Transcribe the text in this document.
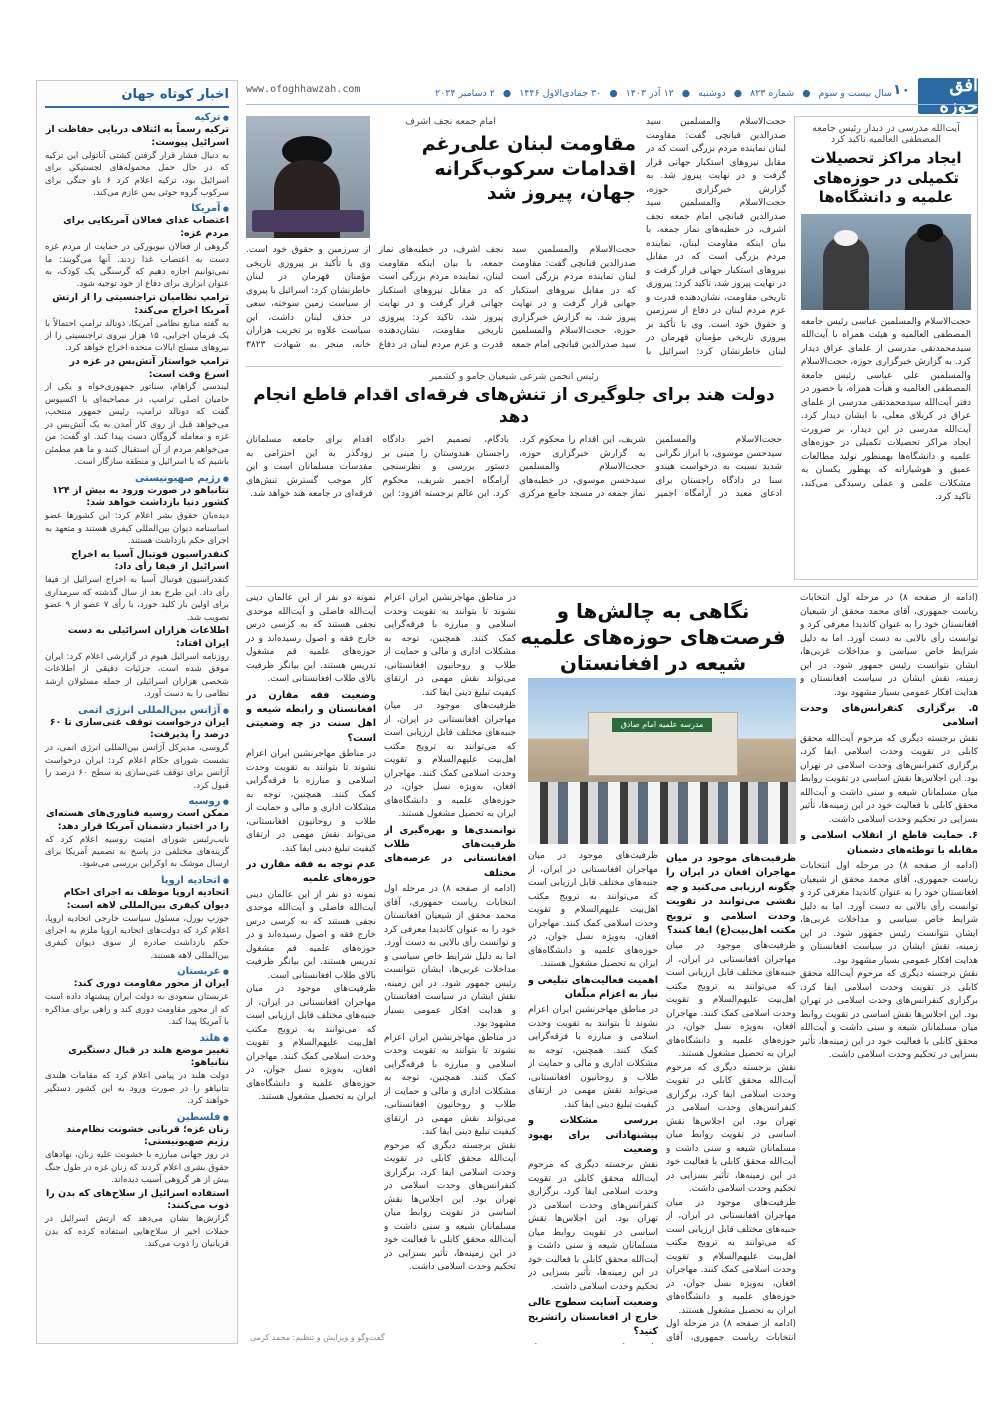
افق حوزه
۱۰
سال بیست و سوم
●
شماره ۸۲۳
●
دوشنبه
●
۱۲ آذر ۱۴۰۳
●
۳۰ جمادی‌الاول ۱۴۴۶
●
۲ دسامبر ۲۰۲۴
www.ofoghhawzah.com
اخبار کوتاه جهان
● ترکیه
ترکیه رسماً به ائتلاف دریایی حفاظت از اسرائیل پیوست:
به دنبال فشار قرار گرفتن کشتی آناتولی این ترکیه که در حال حمل محموله‌های لجستیکی برای اسرائیل بود، ترکیه اعلام کرد ۶ ناو جنگی برای سرکوب گروه حوثی یمن عازم می‌کند.
● آمریکا
اعتصاب غذای فعالان آمریکایی برای مردم غزه:
گروهی از فعالان نیویورکی در حمایت از مردم غزه دست به اعتصاب غذا زدند. آنها می‌گویند: ما نمی‌توانیم اجازه دهیم که گرسنگی یک کودک، به عنوان ابزاری برای دفاع از خود توجیه شود.
ترامپ نظامیان تراجنسیتی را از ارتش آمریکا اخراج می‌کند:
به گفته منابع نظامی آمریکا، دونالد ترامپ احتمالاً با یک فرمان اجرایی، ۱۵ هزار نیروی تراجنسیتی را از نیروهای مسلح ایالات متحده اخراج خواهد کرد.
ترامپ خواستار آتش‌بس در غزه در اسرع وقت است:
لیندسی گراهام، سناتور جمهوری‌خواه و یکی از حامیان اصلی ترامپ، در مصاحبه‌ای با اکسیوس گفت که دونالد ترامپ، رئیس جمهور منتخب، می‌خواهد قبل از روی کار آمدن به یک آتش‌بس در غزه و معامله گروگان دست پیدا کند. او گفت: من می‌خواهم مردم از آن استقبال کنند و ما هم مطمئن باشیم که با اسرائیل و منطقه سازگار است.
● رژیم صهیونیستی
نتانیاهو در صورت ورود به بیش از ۱۲۴ کشور دنیا بازداشت خواهد شد:
دیده‌بان حقوق بشر اعلام کرد: این کشورها عضو اساسنامه دیوان بین‌المللی کیفری هستند و متعهد به اجرای حکم بازداشت هستند.
کنفدراسیون فوتبال آسیا به اخراج اسرائیل از فیفا رأی داد:
کنفدراسیون فوتبال آسیا به اخراج اسرائیل از فیفا رأی داد. این طرح بعد از سال گذشته که سرمداری برای اولین بار کلید خورد، با رأی ۷ عضو از ۹ عضو تصویب شد.
اطلاعات هزاران اسرائیلی به دست ایران افتاد:
روزنامه اسرائیل هیوم در گزارشی اعلام کرد: ایران موفق شده است، جزئیات دقیقی از اطلاعات شخصی هزاران اسرائیلی از جمله مسئولان ارشد نظامی را به دست آورد.
● آژانس بین‌المللی انرژی اتمی
ایران درخواست توقف غنی‌سازی تا ۶۰ درصد را پذیرفت:
گروسی، مدیرکل آژانس بین‌المللی انرژی اتمی، در نشست شورای حکام اعلام کرد: ایران درخواست آژانس برای توقف غنی‌سازی به سطح ۶۰ درصد را قبول کرد.
● روسیه
ممکن است روسیه فناوری‌های هسته‌ای را در اختیار دشمنان آمریکا قرار دهد:
نایب‌رئیس شورای امنیت روسیه اعلام کرد که گزینه‌های مختلفی در پاسخ به تصمیم آمریکا برای ارسال موشک به اوکراین بررسی می‌شود.
● اتحادیه اروپا
اتحادیه اروپا موظف به اجرای احکام دیوان کیفری بین‌المللی لاهه است:
جوزپ بورل، مسئول سیاست خارجی اتحادیه اروپا، اعلام کرد که دولت‌های اتحادیه اروپا ملزم به اجرای حکم بازداشت صادره از سوی دیوان کیفری بین‌المللی لاهه هستند.
● عربستان
ایران از محور مقاومت دوری کند:
عربستان سعودی به دولت ایران پیشنهاد داده است که از محور مقاومت دوری کند و راهی برای مذاکره با آمریکا پیدا کند.
● هلند
تغییر موضع هلند در قبال دستگیری نتانیاهو:
دولت هلند در پیامی اعلام کرد که مقامات هلندی نتانیاهو را در صورت ورود به این کشور دستگیر خواهند کرد.
● فلسطین
زنان غزه؛ قربانی خشونت نظام‌مند رژیم صهیونیستی:
در روز جهانی مبارزه با خشونت علیه زنان، نهادهای حقوق بشری اعلام کردند که زنان غزه در طول جنگ بیش از هر گروهی آسیب دیده‌اند.
استفاده اسرائیل از سلاح‌های که بدن را ذوب می‌کنند:
گزارش‌ها نشان می‌دهد که ارتش اسرائیل در حملات اخیر از سلاح‌هایی استفاده کرده که بدن قربانیان را ذوب می‌کند.
آیت‌الله مدرسی در دیدار رئیس جامعه المصطفی العالمیه تاکید کرد
ایجاد مراکز تحصیلات تکمیلی در حوزه‌های علمیه و دانشگاه‌ها
حجت‌الاسلام والمسلمین عباسی رئیس جامعه المصطفی العالمیه و هیئت همراه با آیت‌الله سیدمحمدتقی مدرسی از علمای عراق دیدار کرد. به گزارش خبرگزاری حوزه، حجت‌الاسلام والمسلمین علی عباسی رئیس جامعة المصطفی العالمیه و هیأت همراه، با حضور در دفتر آیت‌الله سیدمحمدتقی مدرسی از علمای عراق در کربلای معلی، با ایشان دیدار کرد. آیت‌الله مدرسی در این دیدار، بر ضرورت ایجاد مراکز تحصیلات تکمیلی در حوزه‌های علمیه و دانشگاه‌ها بهمنظور تولید مطالعات عمیق و هوشیارانه که بهطور یکسان به مشکلات علمی و عملی رسیدگی می‌کند، تاکید کرد.
امام جمعه نجف اشرف
مقاومت لبنان علی‌رغم اقدامات سرکوب‌گرانه جهان، پیروز شد
حجت‌الاسلام والمسلمین سید صدرالدین قبانچی گفت: مقاومت لبنان نماینده مردم بزرگی است که در مقابل نیروهای استکبار جهانی قرار گرفت و در نهایت پیروز شد. به گزارش خبرگزاری حوزه، حجت‌الاسلام والمسلمین سید صدرالدین قبانچی امام جمعه نجف اشرف، در خطبه‌های نماز جمعه، با بیان اینکه مقاومت لبنان، نماینده مردم بزرگی است که در مقابل نیروهای استکبار جهانی قرار گرفت و در نهایت پیروز شد، تاکید کرد: پیروزی تاریخی مقاومت، نشان‌دهنده قدرت و عزم مردم لبنان در دفاع از سرزمین و حقوق خود است. وی با تأکید بر پیروزی تاریخی مؤمنان قهرمان در لبنان خاطرنشان کرد: اسرائیل با
حجت‌الاسلام والمسلمین سید صدرالدین قبانچی گفت: مقاومت لبنان نماینده مردم بزرگی است که در مقابل نیروهای استکبار جهانی قرار گرفت و در نهایت پیروز شد. به گزارش خبرگزاری حوزه، حجت‌الاسلام والمسلمین سید صدرالدین قبانچی امام جمعه نجف اشرف، در خطبه‌های نماز جمعه، با بیان اینکه مقاومت لبنان، نماینده مردم بزرگی است که در مقابل نیروهای استکبار جهانی قرار گرفت و در نهایت پیروز شد، تاکید کرد: پیروزی تاریخی مقاومت، نشان‌دهنده قدرت و عزم مردم لبنان در دفاع از سرزمین و حقوق خود است. وی با تأکید بر پیروزی تاریخی مؤمنان قهرمان در لبنان خاطرنشان کرد: اسرائیل با پیروی از سیاست زمین سوخته، سعی در حذف لبنان داشت، این سیاست علاوه بر تخریب هزاران خانه، منجر به شهادت ۳۸۲۳
رئیس انجمن شرعی شیعیان جامو و کشمیر
دولت هند برای جلوگیری از تنش‌های فرقه‌ای اقدام قاطع انجام دهد
حجت‌الاسلام والمسلمین سیدحسن موسوی، با ابراز نگرانی شدید نسبت به درخواست هیندو سنا در دادگاه راجستان برای ادعای معبد در آرامگاه اجمیر شریف، این اقدام را محکوم کرد. به گزارش خبرگزاری حوزه، حجت‌الاسلام والمسلمین سیدحسن موسوی، در خطبه‌های نماز جمعه در مسجد جامع مرکزی بادگام، تصمیم اخیر دادگاه راجستان هندوستان را مبنی بر دستور بررسی و نظرسنجی آرامگاه اجمیر شریف، محکوم کرد. این عالم برجسته افزود: این اقدام برای جامعه مسلمانان زودگذر به این‌ احترامی به مقدسات مسلمانان است و این کار موجب گسترش تنش‌های فرقه‌ای در جامعه هند خواهد شد.

(ادامه از صفحه ۸) در مرحله اول انتخابات ریاست جمهوری، آقای محمد محقق از شیعیان افغانستان خود را به عنوان کاندیدا معرفی کرد و توانست رأی بالایی به دست آورد. اما به دلیل شرایط خاص سیاسی و مداخلات غربی‌ها، ایشان نتوانست رئیس جمهور شود. در این زمینه، نقش ایشان در سیاست افغانستان و هدایت افکار عمومی بسیار مشهود بود.

۵. برگزاری کنفرانس‌های وحدت اسلامی

نقش برجسته دیگری که مرحوم آیت‌الله محقق کابلی در تقویت وحدت اسلامی ایفا کرد، برگزاری کنفرانس‌های وحدت اسلامی در تهران بود. این اجلاس‌ها نقش اساسی در تقویت روابط میان مسلمانان شیعه و سنی داشت و آیت‌الله محقق کابلی با فعالیت خود در این زمینه‌ها، تأثیر بسزایی در تحکیم وحدت اسلامی داشت.

۶. حمایت قاطع از انقلاب اسلامی و مقابله با توطئه‌های دشمنان

(ادامه از صفحه ۸) در مرحله اول انتخابات ریاست جمهوری، آقای محمد محقق از شیعیان افغانستان خود را به عنوان کاندیدا معرفی کرد و توانست رأی بالایی به دست آورد. اما به دلیل شرایط خاص سیاسی و مداخلات غربی‌ها، ایشان نتوانست رئیس جمهور شود. در این زمینه، نقش ایشان در سیاست افغانستان و هدایت افکار عمومی بسیار مشهود بود.

نقش برجسته دیگری که مرحوم آیت‌الله محقق کابلی در تقویت وحدت اسلامی ایفا کرد، برگزاری کنفرانس‌های وحدت اسلامی در تهران بود. این اجلاس‌ها نقش اساسی در تقویت روابط میان مسلمانان شیعه و سنی داشت و آیت‌الله محقق کابلی با فعالیت خود در این زمینه‌ها، تأثیر بسزایی در تحکیم وحدت اسلامی داشت.

نگاهی به چالش‌ها و فرصت‌های حوزه‌های علمیه شیعه در افغانستان
مدرسه علمیه امام صادق

ظرفیت‌های موجود در میان مهاجران افغان در ایران را چگونه ارزیابی می‌کنید و چه نقشی می‌توانند در تقویت وحدت اسلامی و ترویج مکتب اهل‌بیت(ع) ایفا کنند؟

ظرفیت‌های موجود در میان مهاجران افغانستانی در ایران، از جنبه‌های مختلف قابل ارزیابی است که می‌توانند به ترویج مکتب اهل‌بیت علیهم‌السلام و تقویت وحدت اسلامی کمک کنند. مهاجران افغان، به‌ویژه نسل جوان، در حوزه‌های علمیه و دانشگاه‌های ایران به تحصیل مشغول هستند.

نقش برجسته دیگری که مرحوم آیت‌الله محقق کابلی در تقویت وحدت اسلامی ایفا کرد، برگزاری کنفرانس‌های وحدت اسلامی در تهران بود. این اجلاس‌ها نقش اساسی در تقویت روابط میان مسلمانان شیعه و سنی داشت و آیت‌الله محقق کابلی با فعالیت خود در این زمینه‌ها، تأثیر بسزایی در تحکیم وحدت اسلامی داشت.

ظرفیت‌های موجود در میان مهاجران افغانستانی در ایران، از جنبه‌های مختلف قابل ارزیابی است که می‌توانند به ترویج مکتب اهل‌بیت علیهم‌السلام و تقویت وحدت اسلامی کمک کنند. مهاجران افغان، به‌ویژه نسل جوان، در حوزه‌های علمیه و دانشگاه‌های ایران به تحصیل مشغول هستند.

(ادامه از صفحه ۸) در مرحله اول انتخابات ریاست جمهوری، آقای

ظرفیت‌های موجود در میان مهاجران افغانستانی در ایران، از جنبه‌های مختلف قابل ارزیابی است که می‌توانند به ترویج مکتب اهل‌بیت علیهم‌السلام و تقویت وحدت اسلامی کمک کنند. مهاجران افغان، به‌ویژه نسل جوان، در حوزه‌های علمیه و دانشگاه‌های ایران به تحصیل مشغول هستند.

اهمیت فعالیت‌های تبلیغی و نیاز به اعزام مبلّغان

در مناطق مهاجرنشین ایران اعزام نشوند تا بتوانند به تقویت وحدت اسلامی و مبارزه با فرقه‌گرایی کمک کنند. همچنین، توجه به مشکلات اداری و مالی و حمایت از طلاب و روحانیون افغانستانی، می‌تواند نقش مهمی در ارتقای کیفیت تبلیغ دینی ایفا کند.

بررسی مشکلات و پیشنهاداتی برای بهبود وضعیت

نقش برجسته دیگری که مرحوم آیت‌الله محقق کابلی در تقویت وحدت اسلامی ایفا کرد، برگزاری کنفرانس‌های وحدت اسلامی در تهران بود. این اجلاس‌ها نقش اساسی در تقویت روابط میان مسلمانان شیعه و سنی داشت و آیت‌الله محقق کابلی با فعالیت خود در این زمینه‌ها، تأثیر بسزایی در تحکیم وحدت اسلامی داشت.

وضعیت آسایت سطوح عالی خارج از افغانستان راتشریح کنید؟

در مناطق مهاجرنشین ایران اعزام نشوند تا بتوانند به تقویت وحدت اسلامی و مبارزه با فرقه‌گرایی کمک کنند. همچنین، توجه به مشکلات اداری و مالی و حمایت از طلاب و روحانیون افغانستانی، می‌تواند نقش مهمی در ارتقای کیفیت تبلیغ دینی ایفا کند.

ظرفیت‌های موجود در میان مهاجران افغانستانی در ایران، از جنبه‌های مختلف قابل ارزیابی است که می‌توانند به ترویج مکتب اهل‌بیت علیهم‌السلام و تقویت وحدت اسلامی کمک کنند. مهاجران افغان، به‌ویژه نسل جوان، در حوزه‌های علمیه و دانشگاه‌های ایران به تحصیل مشغول هستند.

توانمندی‌ها و بهره‌گیری از ظرفیت‌های طلاب افغانستانی در عرصه‌های مختلف

(ادامه از صفحه ۸) در مرحله اول انتخابات ریاست جمهوری، آقای محمد محقق از شیعیان افغانستان خود را به عنوان کاندیدا معرفی کرد و توانست رأی بالایی به دست آورد. اما به دلیل شرایط خاص سیاسی و مداخلات غربی‌ها، ایشان نتوانست رئیس جمهور شود. در این زمینه، نقش ایشان در سیاست افغانستان و هدایت افکار عمومی بسیار مشهود بود.

در مناطق مهاجرنشین ایران اعزام نشوند تا بتوانند به تقویت وحدت اسلامی و مبارزه با فرقه‌گرایی کمک کنند. همچنین، توجه به مشکلات اداری و مالی و حمایت از طلاب و روحانیون افغانستانی، می‌تواند نقش مهمی در ارتقای کیفیت تبلیغ دینی ایفا کند.

نقش برجسته دیگری که مرحوم آیت‌الله محقق کابلی در تقویت وحدت اسلامی ایفا کرد، برگزاری کنفرانس‌های وحدت اسلامی در تهران بود. این اجلاس‌ها نقش اساسی در تقویت روابط میان مسلمانان شیعه و سنی داشت و آیت‌الله محقق کابلی با فعالیت خود در این زمینه‌ها، تأثیر بسزایی در تحکیم وحدت اسلامی داشت.

نمونه دو نفر از این عالمان دینی آیت‌الله فاضلی و آیت‌الله موحدی نجفی هستند که به کرسی درس خارج فقه و اصول رسیده‌اند و در حوزه‌های علمیه قم مشغول تدریس هستند. این بیانگر ظرفیت بالای طلاب افغانستانی است.

وضعیت فقه مقارن در افغانستان و رابطه شیعه و اهل سنت در چه وضعیتی است؟

در مناطق مهاجرنشین ایران اعزام نشوند تا بتوانند به تقویت وحدت اسلامی و مبارزه با فرقه‌گرایی کمک کنند. همچنین، توجه به مشکلات اداری و مالی و حمایت از طلاب و روحانیون افغانستانی، می‌تواند نقش مهمی در ارتقای کیفیت تبلیغ دینی ایفا کند.

عدم توجه به فقه مقارن در حوزه‌های علمیه

نمونه دو نفر از این عالمان دینی آیت‌الله فاضلی و آیت‌الله موحدی نجفی هستند که به کرسی درس خارج فقه و اصول رسیده‌اند و در حوزه‌های علمیه قم مشغول تدریس هستند. این بیانگر ظرفیت بالای طلاب افغانستانی است.

ظرفیت‌های موجود در میان مهاجران افغانستانی در ایران، از جنبه‌های مختلف قابل ارزیابی است که می‌توانند به ترویج مکتب اهل‌بیت علیهم‌السلام و تقویت وحدت اسلامی کمک کنند. مهاجران افغان، به‌ویژه نسل جوان، در حوزه‌های علمیه و دانشگاه‌های ایران به تحصیل مشغول هستند.

گفت‌وگو و ویرایش و تنظیم: محمد کرمی
